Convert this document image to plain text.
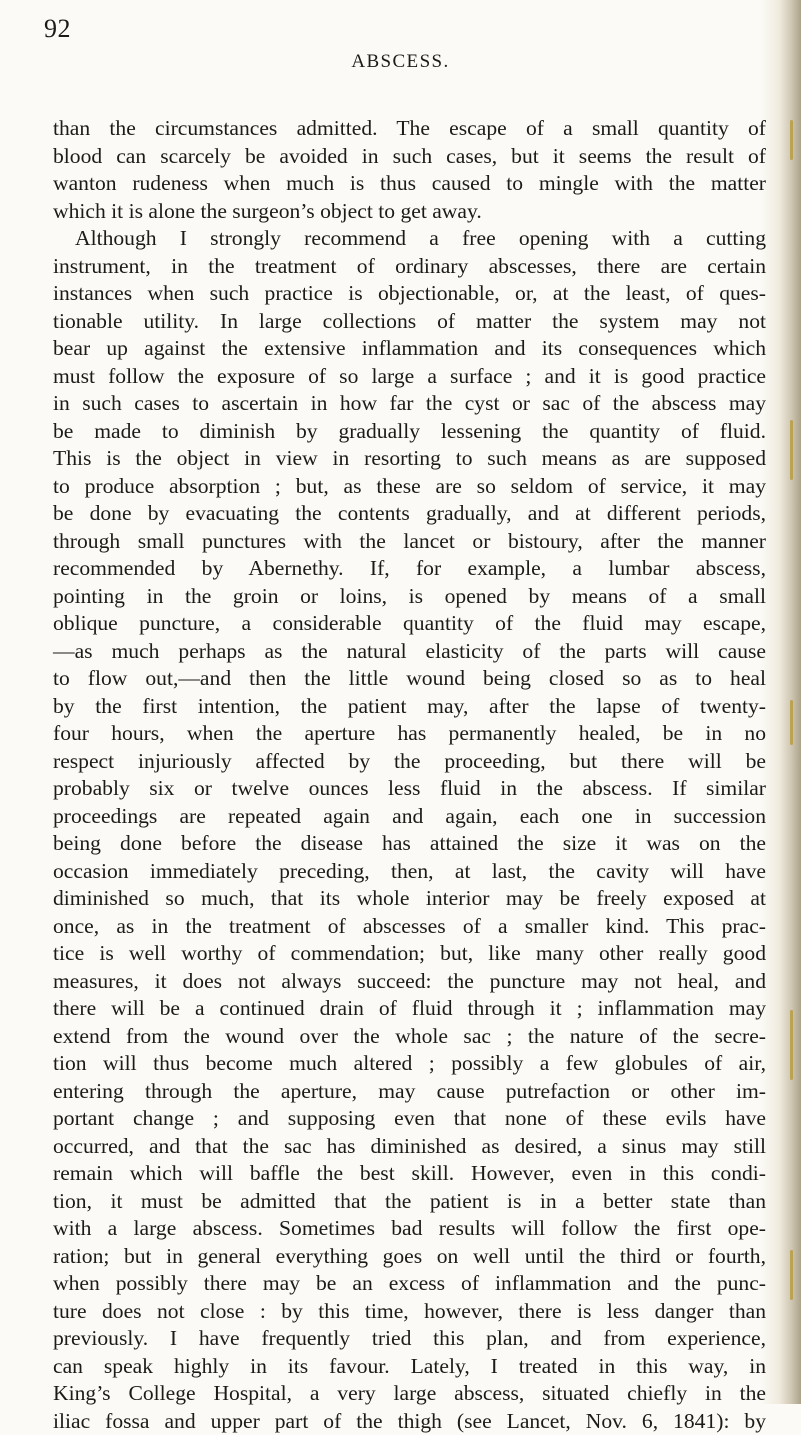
92
ABSCESS.
than the circumstances admitted. The escape of a small quantity of
blood can scarcely be avoided in such cases, but it seems the result of
wanton rudeness when much is thus caused to mingle with the matter
which it is alone the surgeon’s object to get away.
Although I strongly recommend a free opening with a cutting
instrument, in the treatment of ordinary abscesses, there are certain
instances when such practice is objectionable, or, at the least, of ques-
tionable utility. In large collections of matter the system may not
bear up against the extensive inflammation and its consequences which
must follow the exposure of so large a surface ; and it is good practice
in such cases to ascertain in how far the cyst or sac of the abscess may
be made to diminish by gradually lessening the quantity of fluid.
This is the object in view in resorting to such means as are supposed
to produce absorption ; but, as these are so seldom of service, it may
be done by evacuating the contents gradually, and at different periods,
through small punctures with the lancet or bistoury, after the manner
recommended by Abernethy. If, for example, a lumbar abscess,
pointing in the groin or loins, is opened by means of a small
oblique puncture, a considerable quantity of the fluid may escape,
—as much perhaps as the natural elasticity of the parts will cause
to flow out,—and then the little wound being closed so as to heal
by the first intention, the patient may, after the lapse of twenty-
four hours, when the aperture has permanently healed, be in no
respect injuriously affected by the proceeding, but there will be
probably six or twelve ounces less fluid in the abscess. If similar
proceedings are repeated again and again, each one in succession
being done before the disease has attained the size it was on the
occasion immediately preceding, then, at last, the cavity will have
diminished so much, that its whole interior may be freely exposed at
once, as in the treatment of abscesses of a smaller kind. This prac-
tice is well worthy of commendation; but, like many other really good
measures, it does not always succeed: the puncture may not heal, and
there will be a continued drain of fluid through it ; inflammation may
extend from the wound over the whole sac ; the nature of the secre-
tion will thus become much altered ; possibly a few globules of air,
entering through the aperture, may cause putrefaction or other im-
portant change ; and supposing even that none of these evils have
occurred, and that the sac has diminished as desired, a sinus may still
remain which will baffle the best skill. However, even in this condi-
tion, it must be admitted that the patient is in a better state than
with a large abscess. Sometimes bad results will follow the first ope-
ration; but in general everything goes on well until the third or fourth,
when possibly there may be an excess of inflammation and the punc-
ture does not close : by this time, however, there is less danger than
previously. I have frequently tried this plan, and from experience,
can speak highly in its favour. Lately, I treated in this way, in
King’s College Hospital, a very large abscess, situated chiefly in the
iliac fossa and upper part of the thigh (see Lancet, Nov. 6, 1841): by
